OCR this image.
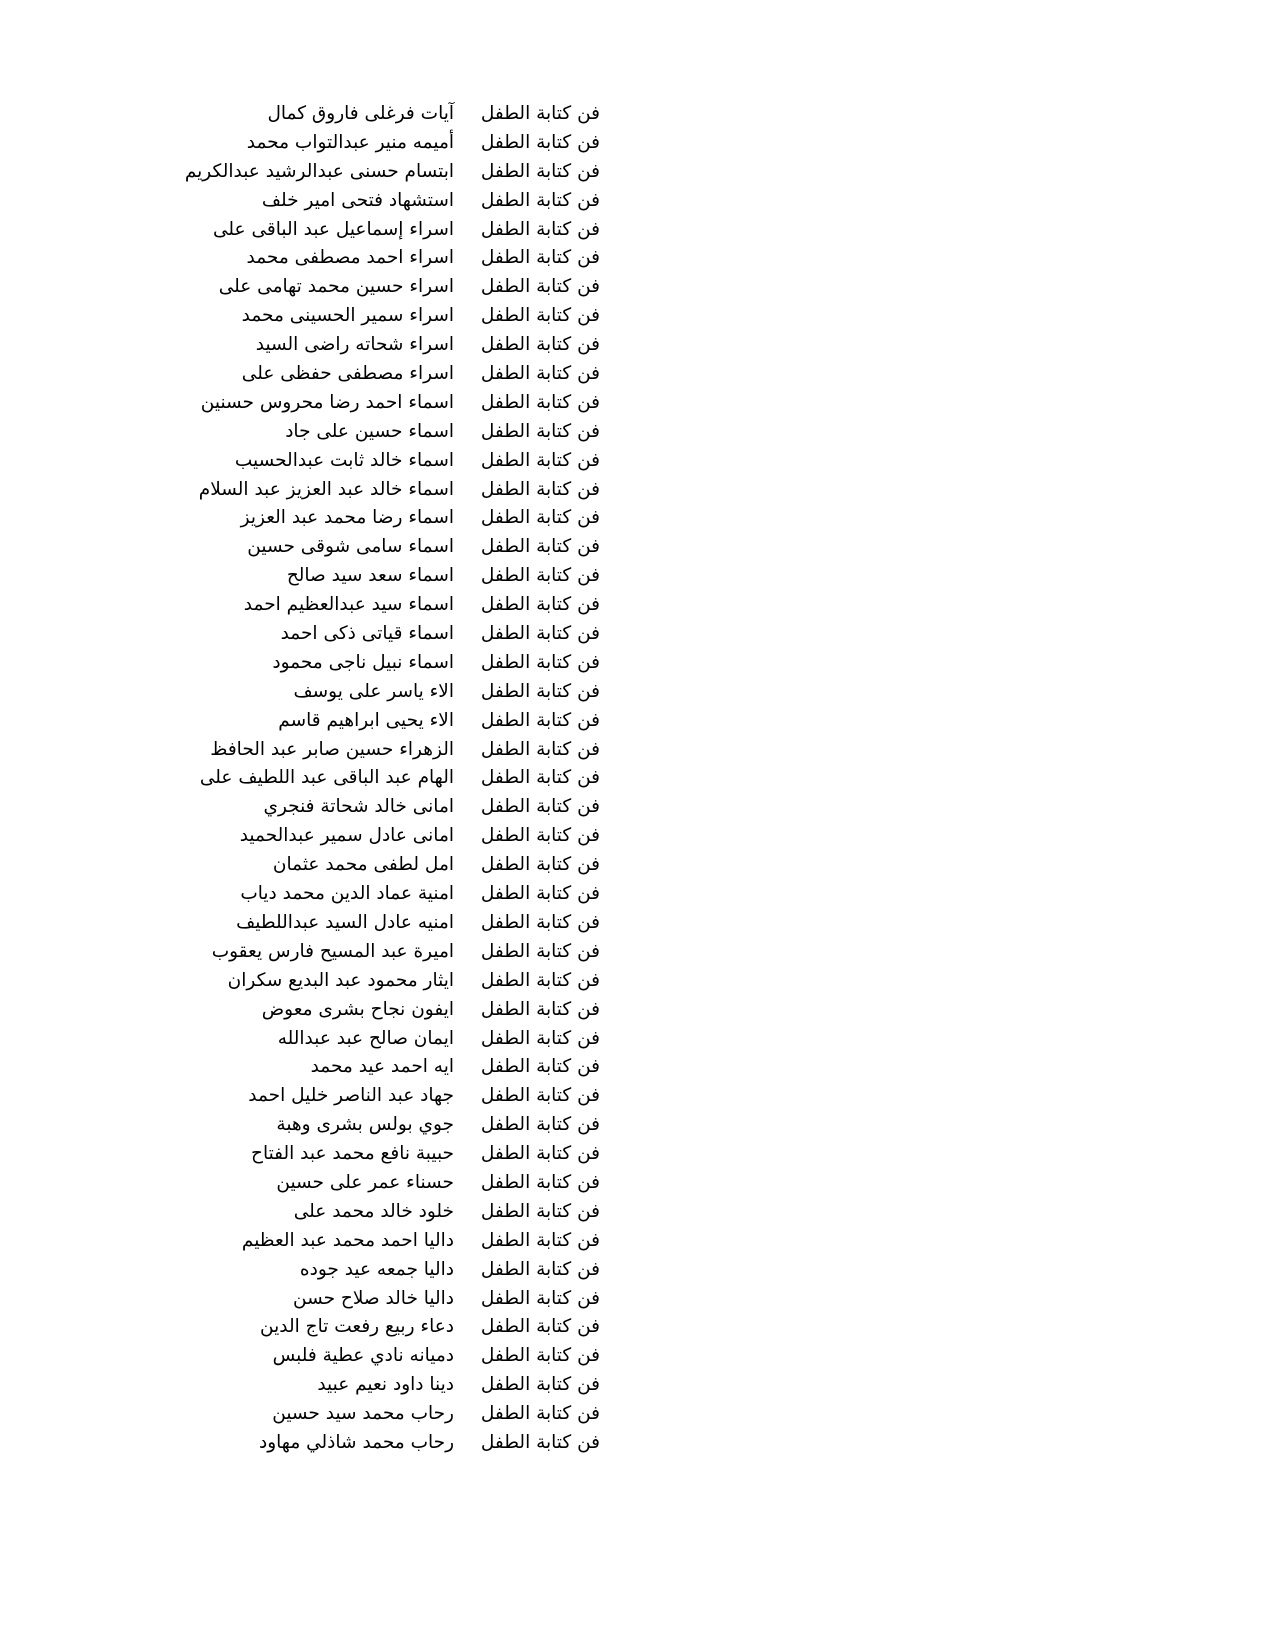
فن كتابة الطفل
آيات فرغلى فاروق كمال
فن كتابة الطفل
أميمه منير عبدالتواب محمد
فن كتابة الطفل
ابتسام حسنى عبدالرشيد عبدالكريم
فن كتابة الطفل
استشهاد فتحى امير خلف
فن كتابة الطفل
اسراء إسماعيل عبد الباقى على
فن كتابة الطفل
اسراء احمد مصطفى محمد
فن كتابة الطفل
اسراء حسين محمد تهامى على
فن كتابة الطفل
اسراء سمير الحسينى محمد
فن كتابة الطفل
اسراء شحاته راضى السيد
فن كتابة الطفل
اسراء مصطفى حفظى على
فن كتابة الطفل
اسماء احمد رضا محروس حسنين
فن كتابة الطفل
اسماء حسين على جاد
فن كتابة الطفل
اسماء خالد ثابت عبدالحسيب
فن كتابة الطفل
اسماء خالد عبد العزيز عبد السلام
فن كتابة الطفل
اسماء رضا محمد عبد العزيز
فن كتابة الطفل
اسماء سامى شوقى حسين
فن كتابة الطفل
اسماء سعد سيد صالح
فن كتابة الطفل
اسماء سيد عبدالعظيم احمد
فن كتابة الطفل
اسماء قياتى ذكى احمد
فن كتابة الطفل
اسماء نبيل ناجى محمود
فن كتابة الطفل
الاء ياسر على يوسف
فن كتابة الطفل
الاء يحيى ابراهيم قاسم
فن كتابة الطفل
الزهراء حسين صابر عبد الحافظ
فن كتابة الطفل
الهام عبد الباقى عبد اللطيف على
فن كتابة الطفل
امانى خالد شحاتة فنجري
فن كتابة الطفل
امانى عادل سمير عبدالحميد
فن كتابة الطفل
امل لطفى محمد عثمان
فن كتابة الطفل
امنية عماد الدين محمد دياب
فن كتابة الطفل
امنيه عادل السيد عبداللطيف
فن كتابة الطفل
اميرة عبد المسيح فارس يعقوب
فن كتابة الطفل
ايثار محمود عبد البديع سكران
فن كتابة الطفل
ايفون نجاح بشرى معوض
فن كتابة الطفل
ايمان صالح عبد عبدالله
فن كتابة الطفل
ايه احمد عيد محمد
فن كتابة الطفل
جهاد عبد الناصر خليل احمد
فن كتابة الطفل
جوي بولس بشرى وهبة
فن كتابة الطفل
حبيبة نافع محمد عبد الفتاح
فن كتابة الطفل
حسناء عمر على حسين
فن كتابة الطفل
خلود خالد محمد على
فن كتابة الطفل
داليا احمد محمد عبد العظيم
فن كتابة الطفل
داليا جمعه عيد جوده
فن كتابة الطفل
داليا خالد صلاح حسن
فن كتابة الطفل
دعاء ربيع رفعت تاج الدين
فن كتابة الطفل
دميانه نادي عطية فلبس
فن كتابة الطفل
دينا داود نعيم عبيد
فن كتابة الطفل
رحاب محمد سيد حسين
فن كتابة الطفل
رحاب محمد شاذلي مهاود
